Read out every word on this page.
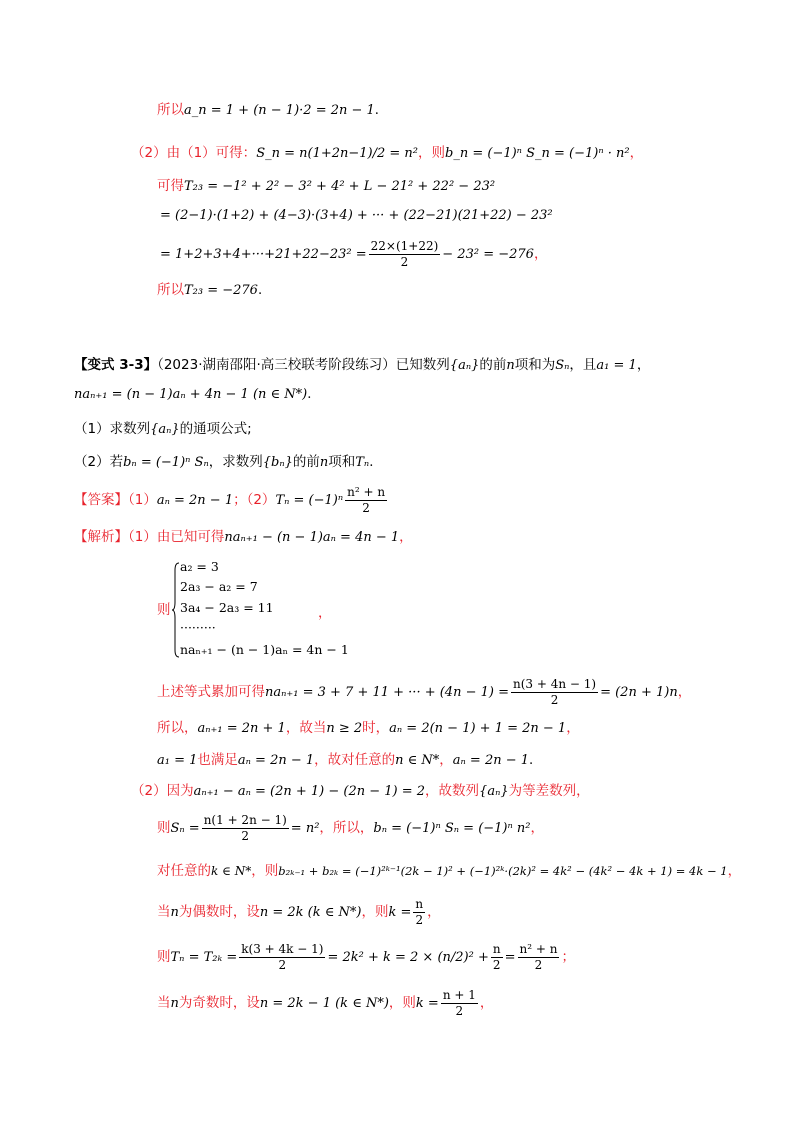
所以a_n = 1 + (n − 1)·2 = 2n − 1.
（2）由（1）可得：S_n = n(1+2n−1)/2 = n²，则b_n = (−1)ⁿ S_n = (−1)ⁿ · n²，
可得T₂₃ = −1² + 2² − 3² + 4² + L − 21² + 22² − 23²
= (2−1)·(1+2) + (4−3)·(3+4) + ··· + (22−21)(21+22) − 23²
= $1+2+3+4+\cdot\cdot\cdot+21+22-23^2 = \frac{22\times(1+22)}{2} - 23^2 = -276$，
所以T₂₃ = −276.
【变式 3-3】（2023·湖南邵阳·高三校联考阶段练习）已知数列{aₙ}的前n项和为Sₙ，且a₁ = 1，
naₙ₊₁ = (n − 1)aₙ + 4n − 1 (n ∈ N*).
（1）求数列{aₙ}的通项公式;
（2）若bₙ = (−1)ⁿ Sₙ，求数列{bₙ}的前n项和Tₙ.
【答案】（1）aₙ = 2n − 1；$(2)T_n = (-1)^n \frac{\text{n² + n}}{2}$
【解析】（1）由已知可得naₙ₊₁ − (n − 1)aₙ = 4n − 1，
则
a₂ = 3
2a₃ − a₂ = 7
3a₄ − 2a₃ = 11
·········
naₙ₊₁ − (n − 1)aₙ = 4n − 1
，
上述等式累加可得naₙ₊₁ = 3 + 7 + 11 + ··· + $(4n - 1) = \frac{n(3 + 4n - 1)}{2} = (2n + 1)n$，
所以，aₙ₊₁ = 2n + 1，故当n ≥ 2时，aₙ = 2(n − 1) + 1 = 2n − 1，
a₁ = 1也满足aₙ = 2n − 1，故对任意的n ∈ N*，aₙ = 2n − 1.
（2）因为aₙ₊₁ − aₙ = (2n + 1) − (2n − 1) = 2，故数列{aₙ}为等差数列，
则$S_n = \frac{n(1 + 2n - 1)}{2} = n^2$，所以，bₙ = (−1)ⁿ Sₙ = (−1)ⁿ n²，
对任意的k ∈ N*，则b₂ₖ₋₁ + b₂ₖ = (−1)²ᵏ⁻¹(2k − 1)² + (−1)²ᵏ·(2k)² = 4k² − (4k² − 4k + 1) = 4k − 1，
当n为偶数时，设n = 2k (k ∈ N*)，则$k = \frac{n}{2}$ ，
则$T_n = T_{2k} = \frac{k(3 + 4k - 1)}{2} = 2k^2 + k = 2 \times (n/2)^2 + \frac{n}{2} = \frac{\text{n² + n}}{2}$ ；
当n为奇数时，设n = 2k − 1 (k ∈ N*)，则$k = \frac{n + 1}{2}$ ，
